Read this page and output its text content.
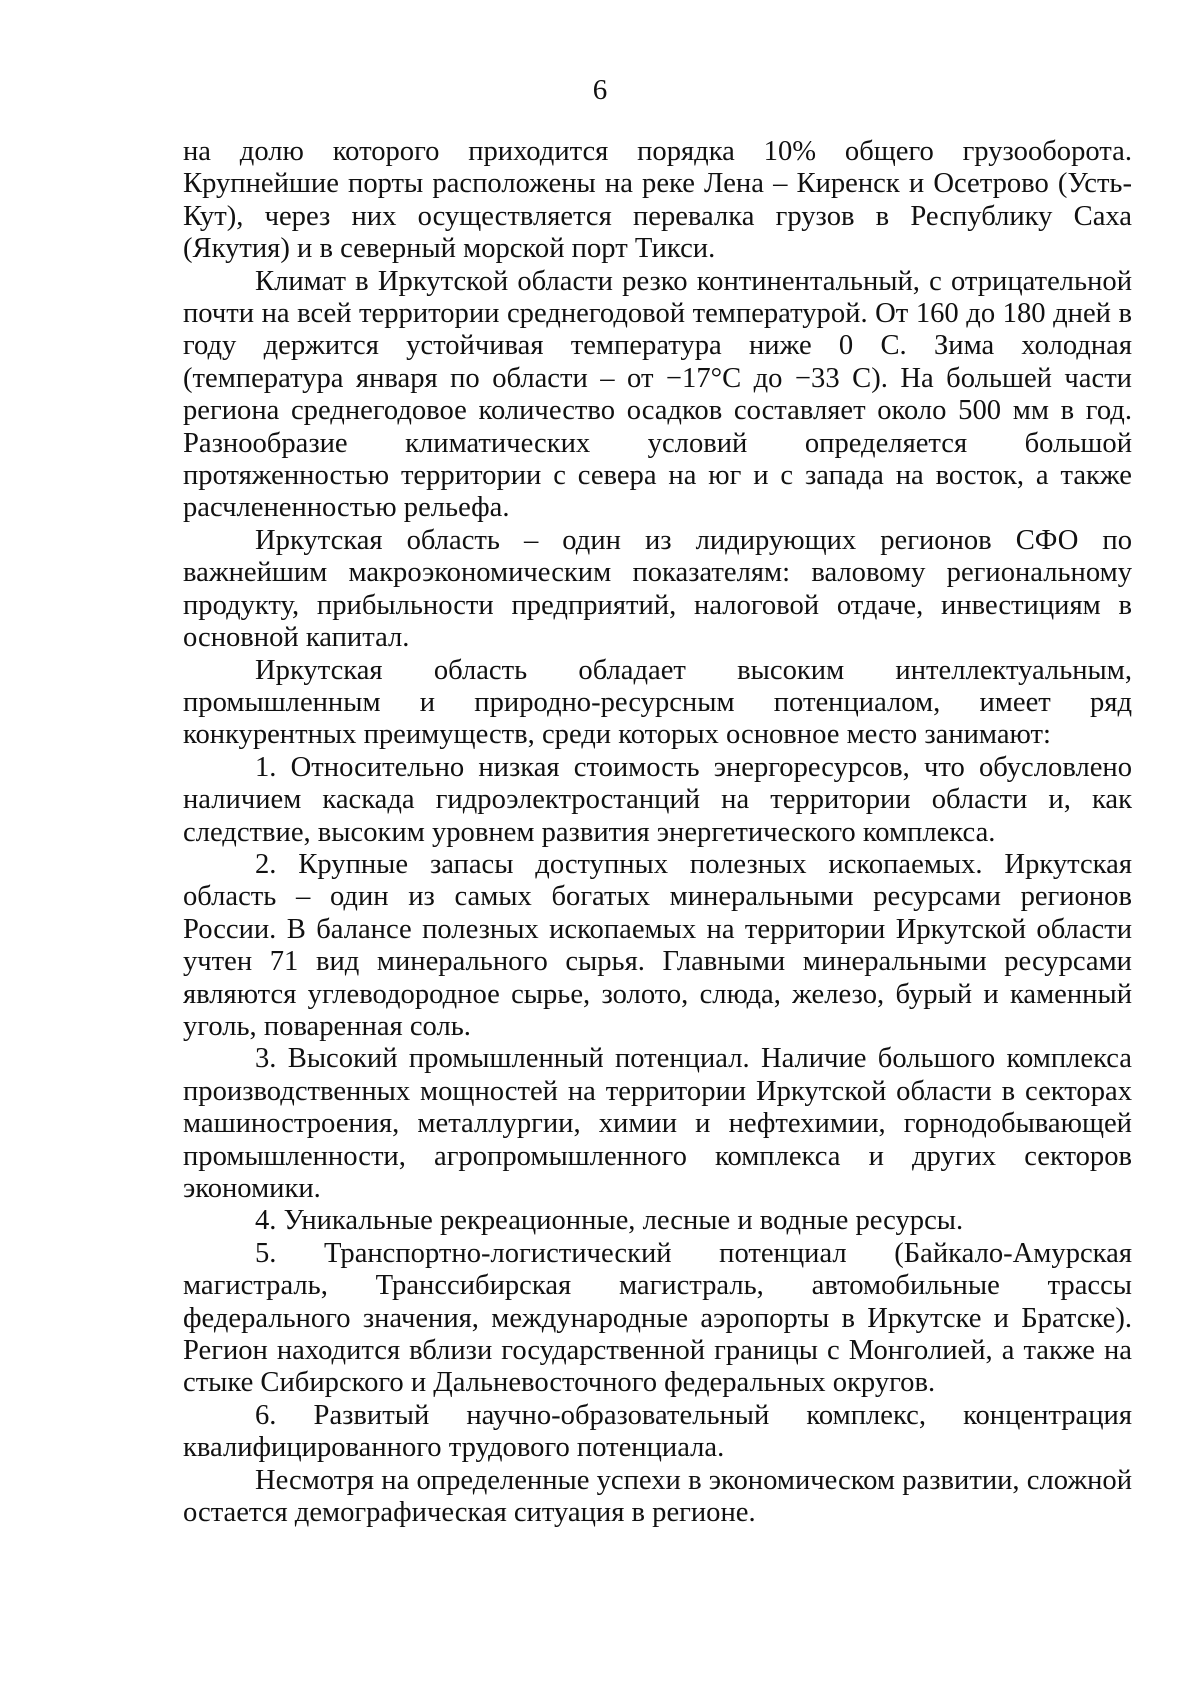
6

на долю которого приходится порядка 10% общего грузооборота. Крупнейшие порты расположены на реке Лена – Киренск и Осетрово (Усть-Кут), через них осуществляется перевалка грузов в Республику Саха (Якутия) и в северный морской порт Тикси.

Климат в Иркутской области резко континентальный, с отрицательной почти на всей территории среднегодовой температурой. От 160 до 180 дней в году держится устойчивая температура ниже 0 С. Зима холодная (температура января по области – от −17°С до −33 С). На большей части региона среднегодовое количество осадков составляет около 500 мм в год. Разнообразие климатических условий определяется большой протяженностью территории с севера на юг и с запада на восток, а также расчлененностью рельефа.

Иркутская область – один из лидирующих регионов СФО по важнейшим макроэкономическим показателям: валовому региональному продукту, прибыльности предприятий, налоговой отдаче, инвестициям в основной капитал.

Иркутская область обладает высоким интеллектуальным, промышленным и природно-ресурсным потенциалом, имеет ряд конкурентных преимуществ, среди которых основное место занимают:

1. Относительно низкая стоимость энергоресурсов, что обусловлено наличием каскада гидроэлектростанций на территории области и, как следствие, высоким уровнем развития энергетического комплекса.

2. Крупные запасы доступных полезных ископаемых. Иркутская область – один из самых богатых минеральными ресурсами регионов России. В балансе полезных ископаемых на территории Иркутской области учтен 71 вид минерального сырья. Главными минеральными ресурсами являются углеводородное сырье, золото, слюда, железо, бурый и каменный уголь, поваренная соль.

3. Высокий промышленный потенциал. Наличие большого комплекса производственных мощностей на территории Иркутской области в секторах машиностроения, металлургии, химии и нефтехимии, горнодобывающей промышленности, агропромышленного комплекса и других секторов экономики.

4. Уникальные рекреационные, лесные и водные ресурсы.

5. Транспортно-логистический потенциал (Байкало-Амурская магистраль, Транссибирская магистраль, автомобильные трассы федерального значения, международные аэропорты в Иркутске и Братске). Регион находится вблизи государственной границы с Монголией, а также на стыке Сибирского и Дальневосточного федеральных округов.

6. Развитый научно-образовательный комплекс, концентрация квалифицированного трудового потенциала.

Несмотря на определенные успехи в экономическом развитии, сложной остается демографическая ситуация в регионе.
